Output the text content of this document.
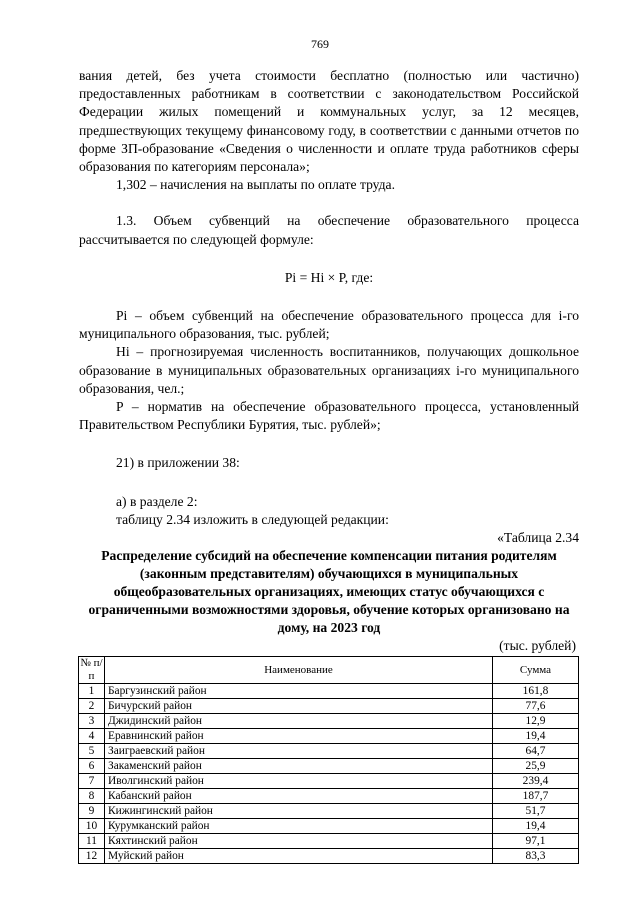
769

вания детей, без учета стоимости бесплатно (полностью или частично) предоставленных работникам в соответствии с законодательством Российской Федерации жилых помещений и коммунальных услуг, за 12 месяцев, предшествующих текущему финансовому году, в соответствии с данными отчетов по форме ЗП-образование «Сведения о численности и оплате труда работников сферы образования по категориям персонала»;

1,302 – начисления на выплаты по оплате труда.

1.3. Объем субвенций на обеспечение образовательного процесса рассчитывается по следующей формуле:

Pi = Hi × P, где:

Pi – объем субвенций на обеспечение образовательного процесса для i-го муниципального образования, тыс. рублей;

Hi – прогнозируемая численность воспитанников, получающих дошкольное образование в муниципальных образовательных организациях i-го муниципального образования, чел.;

P – норматив на обеспечение образовательного процесса, установленный Правительством Республики Бурятия, тыс. рублей»;

21) в приложении 38:

а) в разделе 2:

таблицу 2.34 изложить в следующей редакции:

«Таблица 2.34

Распределение субсидий на обеспечение компенсации питания родителям (законным представителям) обучающихся в муниципальных общеобразовательных организациях, имеющих статус обучающихся с ограниченными возможностями здоровья, обучение которых организовано на дому, на 2023 год

(тыс. рублей)

№ п/п	Наименование	Сумма
1	Баргузинский район	161,8
2	Бичурский район	77,6
3	Джидинский район	12,9
4	Еравнинский район	19,4
5	Заиграевский район	64,7
6	Закаменский район	25,9
7	Иволгинский район	239,4
8	Кабанский район	187,7
9	Кижингинский район	51,7
10	Курумканский район	19,4
11	Кяхтинский район	97,1
12	Муйский район	83,3
